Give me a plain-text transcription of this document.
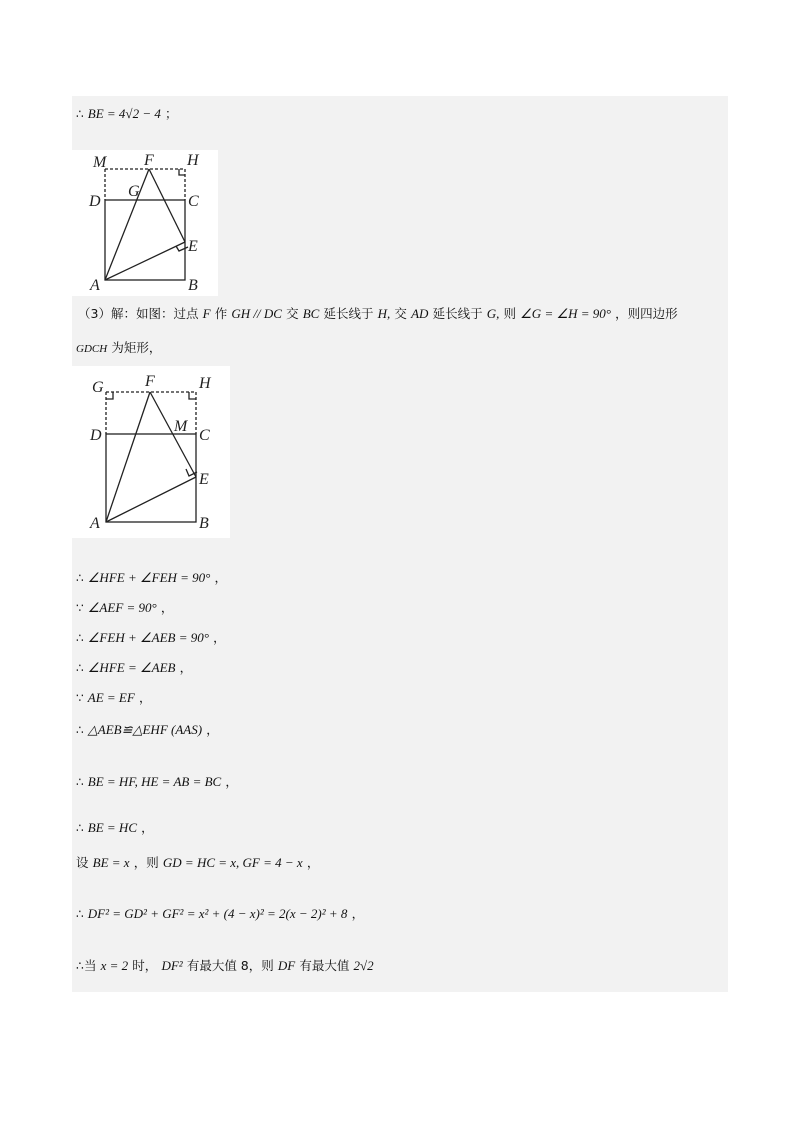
∴ BE = 4√2 − 4 ；
M F H
G
D	C
E
A	B
（3）解：如图：过点 F 作 GH // DC 交 BC 延长线于 H, 交 AD 延长线于 G, 则 ∠G = ∠H = 90° ，则四边形
GDCH 为矩形，
G	F	H
D
M
C
E
A	B
∴ ∠HFE + ∠FEH = 90° ，
∵ ∠AEF = 90° ，
∴ ∠FEH + ∠AEB = 90° ，
∴ ∠HFE = ∠AEB ，
∵ AE = EF ，
∴ △AEB≌△EHF (AAS) ，
∴ BE = HF, HE = AB = BC ，
∴ BE = HC ，
设 BE = x ，则 GD = HC = x, GF = 4 − x ，
∴ DF² = GD² + GF² = x² + (4 − x)² = 2(x − 2)² + 8 ，
∴当 x = 2 时， DF² 有最大值 8，则 DF 有最大值 2√2
